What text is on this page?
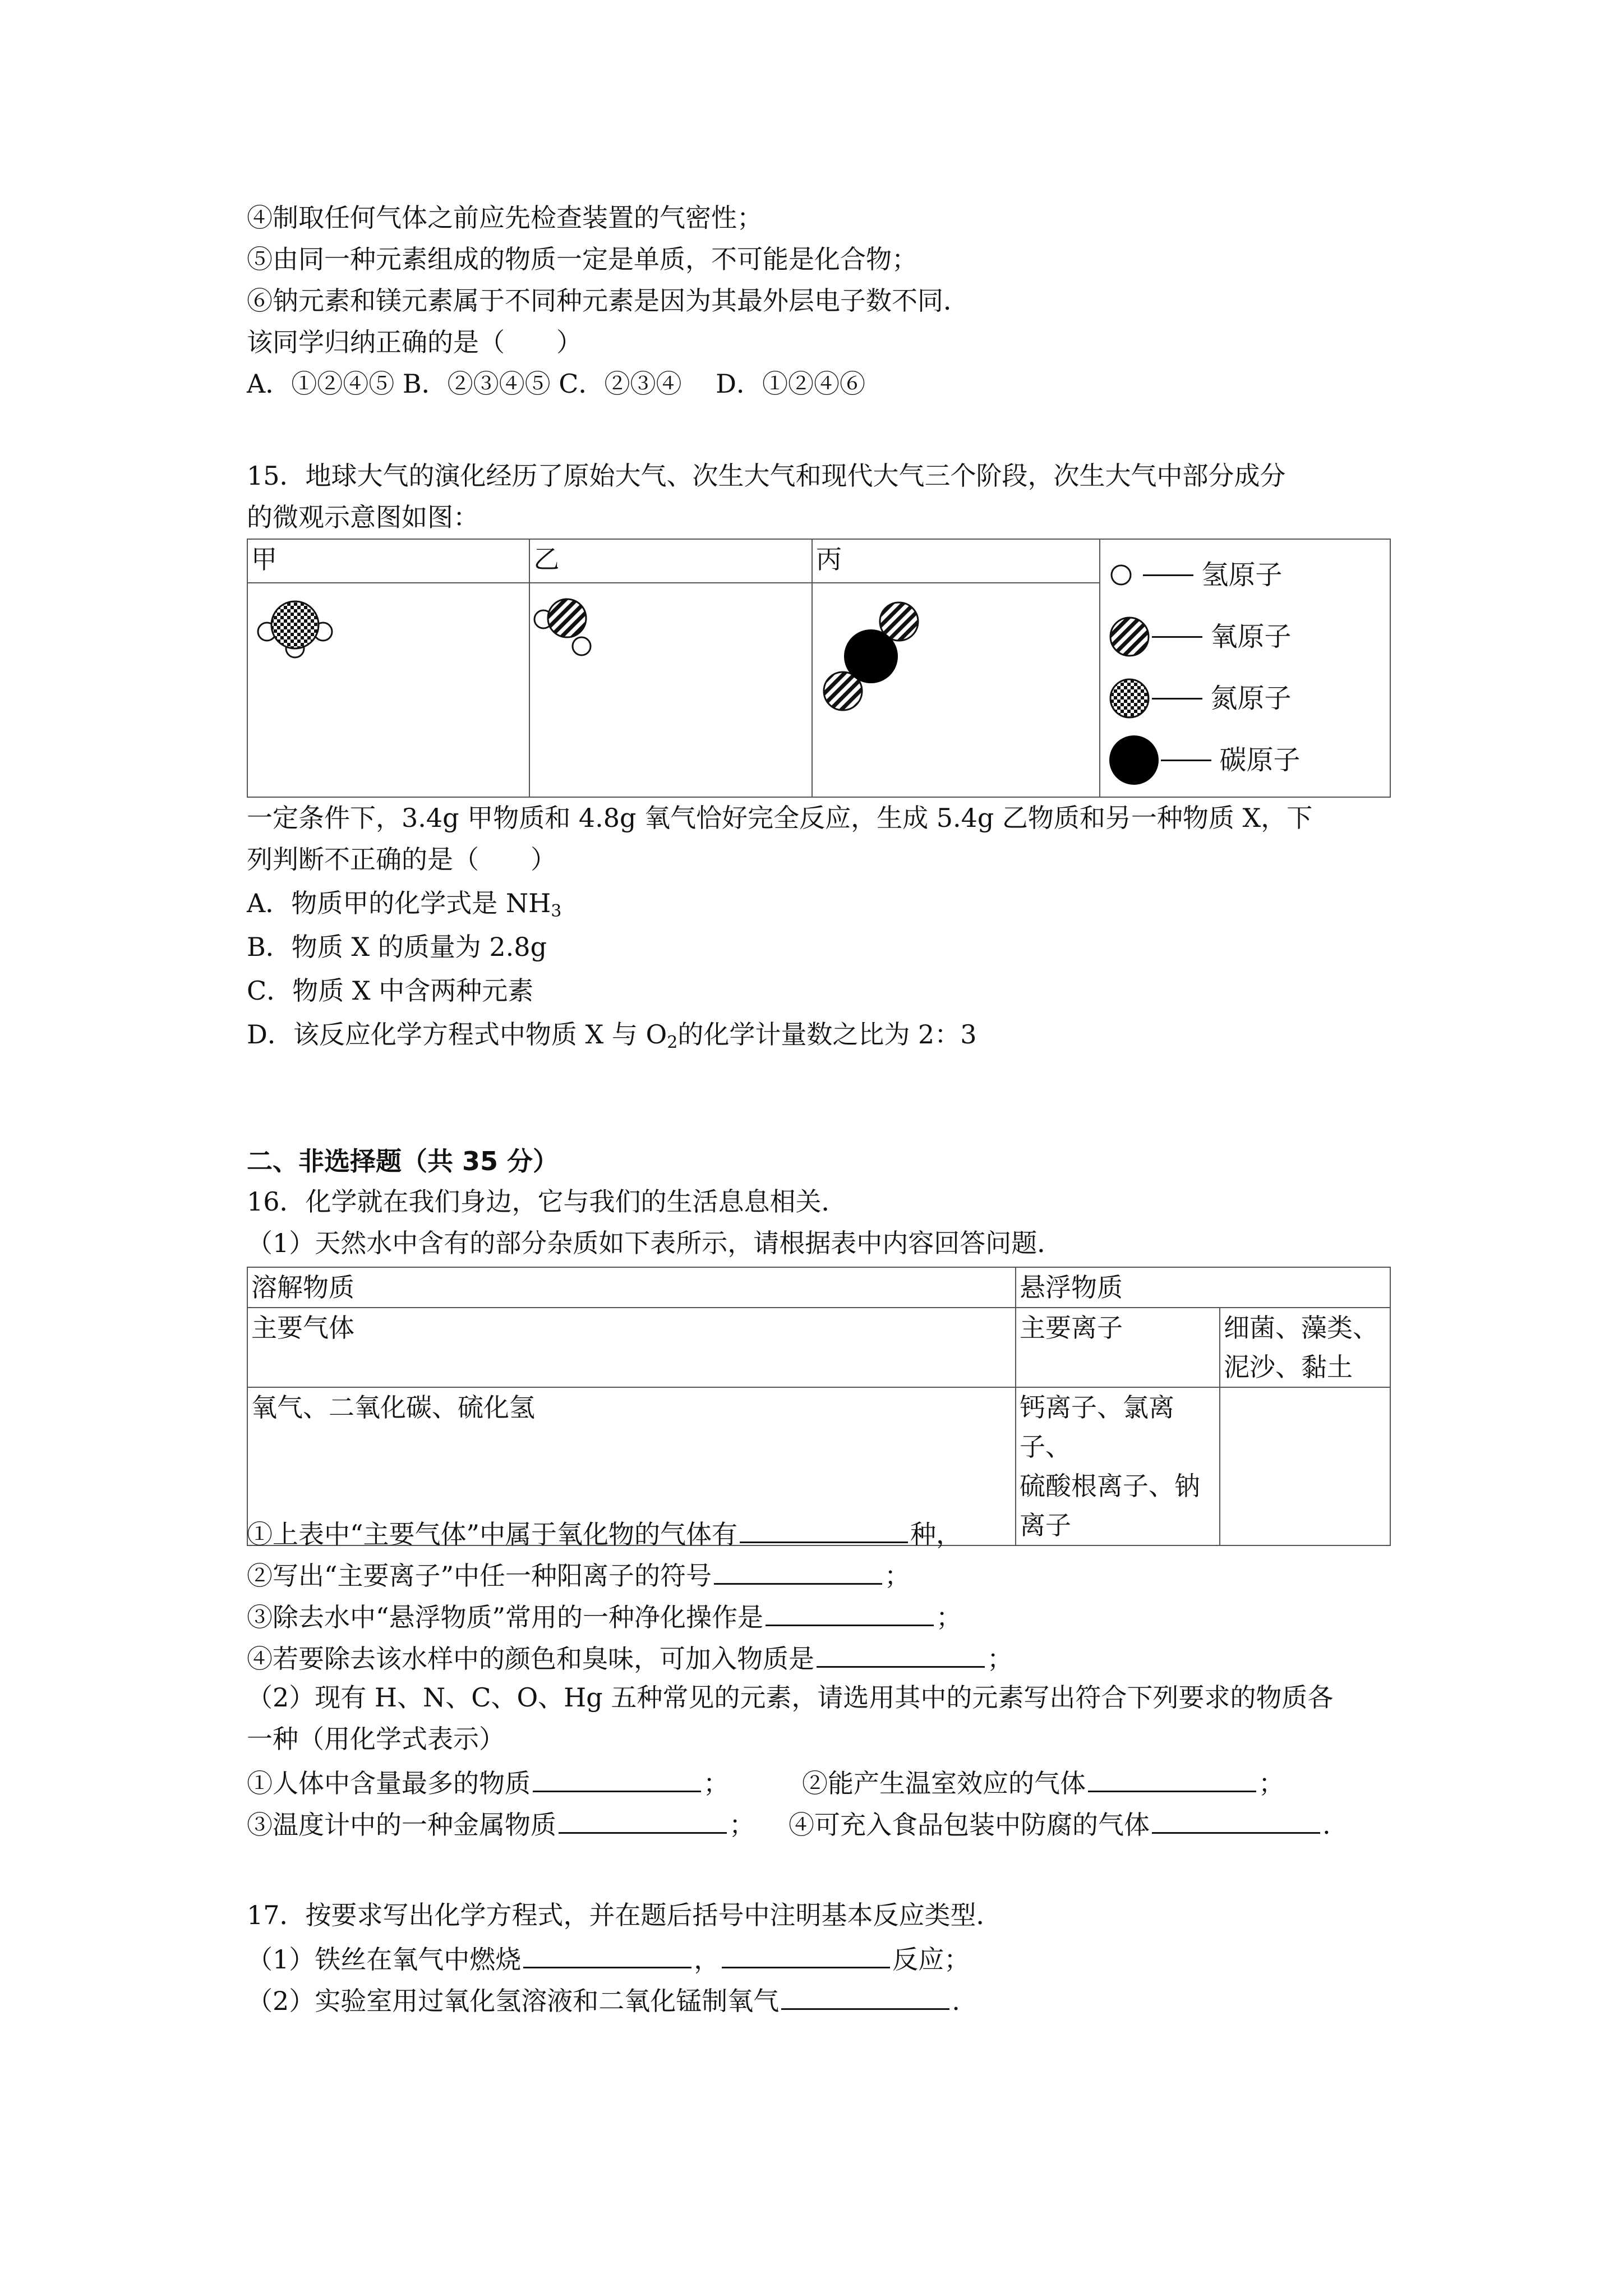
④制取任何气体之前应先检查装置的气密性；
⑤由同一种元素组成的物质一定是单质，不可能是化合物；
⑥钠元素和镁元素属于不同种元素是因为其最外层电子数不同．
该同学归纳正确的是（　　）
A．①②④⑤ B．②③④⑤ C．②③④　 D．①②④⑥
15．地球大气的演化经历了原始大气、次生大气和现代大气三个阶段，次生大气中部分成分
的微观示意图如图：
甲	乙	丙	氢原子
氧原子
氮原子
碳原子

一定条件下，3.4g 甲物质和 4.8g 氧气恰好完全反应，生成 5.4g 乙物质和另一种物质 X，下
列判断不正确的是（　　）
A．物质甲的化学式是 $NH_3$
B．物质 X 的质量为 2.8g
C．物质 X 中含两种元素
D．该反应化学方程式中物质 X 与 $O_2$的化学计量数之比为 2：3
二、非选择题（共 35 分）
16．化学就在我们身边，它与我们的生活息息相关．
（1）天然水中含有的部分杂质如下表所示，请根据表中内容回答问题．
溶解物质	悬浮物质	
主要气体	主要离子	细菌、藻类、
泥沙、黏土

氧气、二氧化碳、硫化氢	钙离子、氯离子、
硫酸根离子、钠
离子	

①上表中“主要气体”中属于氧化物的气体有	种，
②写出“主要离子”中任一种阳离子的符号	；
③除去水中“悬浮物质”常用的一种净化操作是	；
④若要除去该水样中的颜色和臭味，可加入物质是	；
（2）现有 H、N、C、O、Hg 五种常见的元素，请选用其中的元素写出符合下列要求的物质各
一种（用化学式表示）
①人体中含量最多的物质	；	②能产生温室效应的气体	；
③温度计中的一种金属物质	； ④可充入食品包装中防腐的气体	.
17．按要求写出化学方程式，并在题后括号中注明基本反应类型．
（1）铁丝在氧气中燃烧	，	反应；
（2）实验室用过氧化氢溶液和二氧化锰制氧气	.
